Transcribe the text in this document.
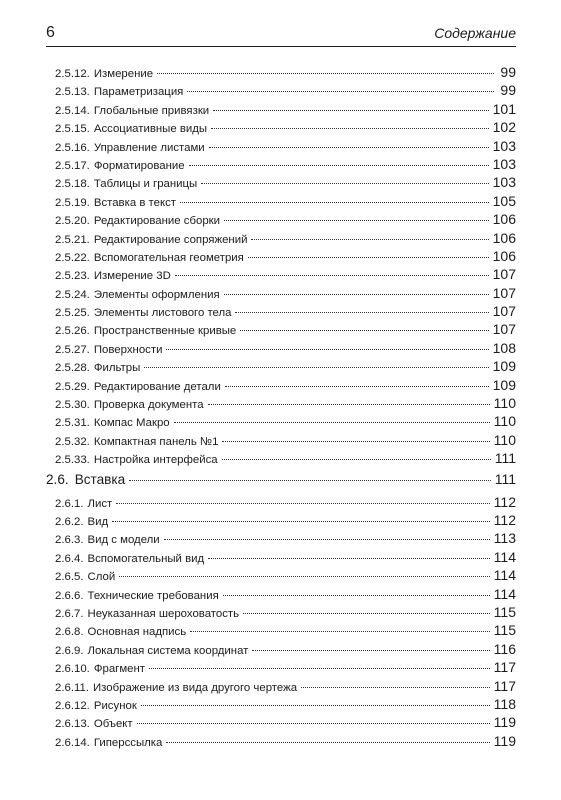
6	Содержание
2.5.12. Измерение	99
2.5.13. Параметризация	99
2.5.14. Глобальные привязки	101
2.5.15. Ассоциативные виды	102
2.5.16. Управление листами	103
2.5.17. Форматирование	103
2.5.18. Таблицы и границы	103
2.5.19. Вставка в текст	105
2.5.20. Редактирование сборки	106
2.5.21. Редактирование сопряжений	106
2.5.22. Вспомогательная геометрия	106
2.5.23. Измерение 3D	107
2.5.24. Элементы оформления	107
2.5.25. Элементы листового тела	107
2.5.26. Пространственные кривые	107
2.5.27. Поверхности	108
2.5.28. Фильтры	109
2.5.29. Редактирование детали	109
2.5.30. Проверка документа	110
2.5.31. Компас Макро	110
2.5.32. Компактная панель №1	110
2.5.33. Настройка интерфейса	111
2.6. Вставка	111
2.6.1. Лист	112
2.6.2. Вид	112
2.6.3. Вид с модели	113
2.6.4. Вспомогательный вид	114
2.6.5. Слой	114
2.6.6. Технические требования	114
2.6.7. Неуказанная шероховатость	115
2.6.8. Основная надпись	115
2.6.9. Локальная система координат	116
2.6.10. Фрагмент	117
2.6.11. Изображение из вида другого чертежа	117
2.6.12. Рисунок	118
2.6.13. Объект	119
2.6.14. Гиперссылка	119
